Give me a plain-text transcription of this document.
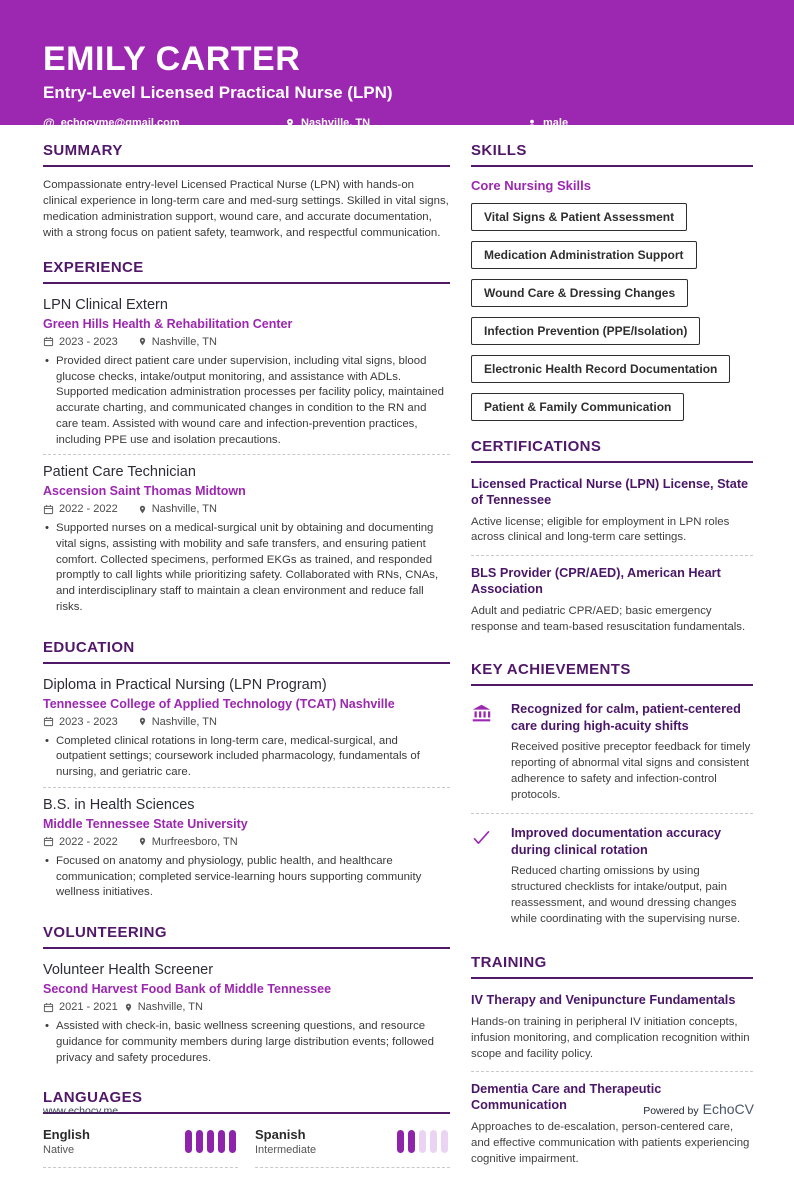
EMILY CARTER
Entry-Level Licensed Practical Nurse (LPN)
@ echocvme@gmail.com	Nashville, TN	male
SUMMARY

Compassionate entry-level Licensed Practical Nurse (LPN) with hands-on clinical experience in long-term care and med-surg settings. Skilled in vital signs, medication administration support, wound care, and accurate documentation, with a strong focus on patient safety, teamwork, and respectful communication.

EXPERIENCE
LPN Clinical Extern
Green Hills Health & Rehabilitation Center
2023 - 2023	Nashville, TN
• Provided direct patient care under supervision, including vital signs, blood glucose checks, intake/output monitoring, and assistance with ADLs. Supported medication administration processes per facility policy, maintained accurate charting, and communicated changes in condition to the RN and care team. Assisted with wound care and infection-prevention practices, including PPE use and isolation precautions.
Patient Care Technician
Ascension Saint Thomas Midtown
2022 - 2022	Nashville, TN
• Supported nurses on a medical-surgical unit by obtaining and documenting vital signs, assisting with mobility and safe transfers, and ensuring patient comfort. Collected specimens, performed EKGs as trained, and responded promptly to call lights while prioritizing safety. Collaborated with RNs, CNAs, and interdisciplinary staff to maintain a clean environment and reduce fall risks.
EDUCATION
Diploma in Practical Nursing (LPN Program)
Tennessee College of Applied Technology (TCAT) Nashville
2023 - 2023	Nashville, TN
• Completed clinical rotations in long-term care, medical-surgical, and outpatient settings; coursework included pharmacology, fundamentals of nursing, and geriatric care.
B.S. in Health Sciences
Middle Tennessee State University
2022 - 2022	Murfreesboro, TN
• Focused on anatomy and physiology, public health, and healthcare communication; completed service-learning hours supporting community wellness initiatives.
VOLUNTEERING
Volunteer Health Screener
Second Harvest Food Bank of Middle Tennessee
2021 - 2021 Nashville, TN
• Assisted with check-in, basic wellness screening questions, and resource guidance for community members during large distribution events; followed privacy and safety procedures.
LANGUAGES
English
Native
Spanish
Intermediate
SKILLS
Core Nursing Skills
Vital Signs & Patient Assessment
Medication Administration Support
Wound Care & Dressing Changes
Infection Prevention (PPE/Isolation)
Electronic Health Record Documentation
Patient & Family Communication
CERTIFICATIONS
Licensed Practical Nurse (LPN) License, State of Tennessee
Active license; eligible for employment in LPN roles across clinical and long-term care settings.
BLS Provider (CPR/AED), American Heart Association
Adult and pediatric CPR/AED; basic emergency response and team-based resuscitation fundamentals.
KEY ACHIEVEMENTS
Recognized for calm, patient-centered care during high-acuity shifts
Received positive preceptor feedback for timely reporting of abnormal vital signs and consistent adherence to safety and infection-control protocols.
Improved documentation accuracy during clinical rotation
Reduced charting omissions by using structured checklists for intake/output, pain reassessment, and wound dressing changes while coordinating with the supervising nurse.
TRAINING
IV Therapy and Venipuncture Fundamentals
Hands-on training in peripheral IV initiation concepts, infusion monitoring, and complication recognition within scope and facility policy.
Dementia Care and Therapeutic Communication
Approaches to de-escalation, person-centered care, and effective communication with patients experiencing cognitive impairment.
www.echocv.me	Powered by EchoCV
